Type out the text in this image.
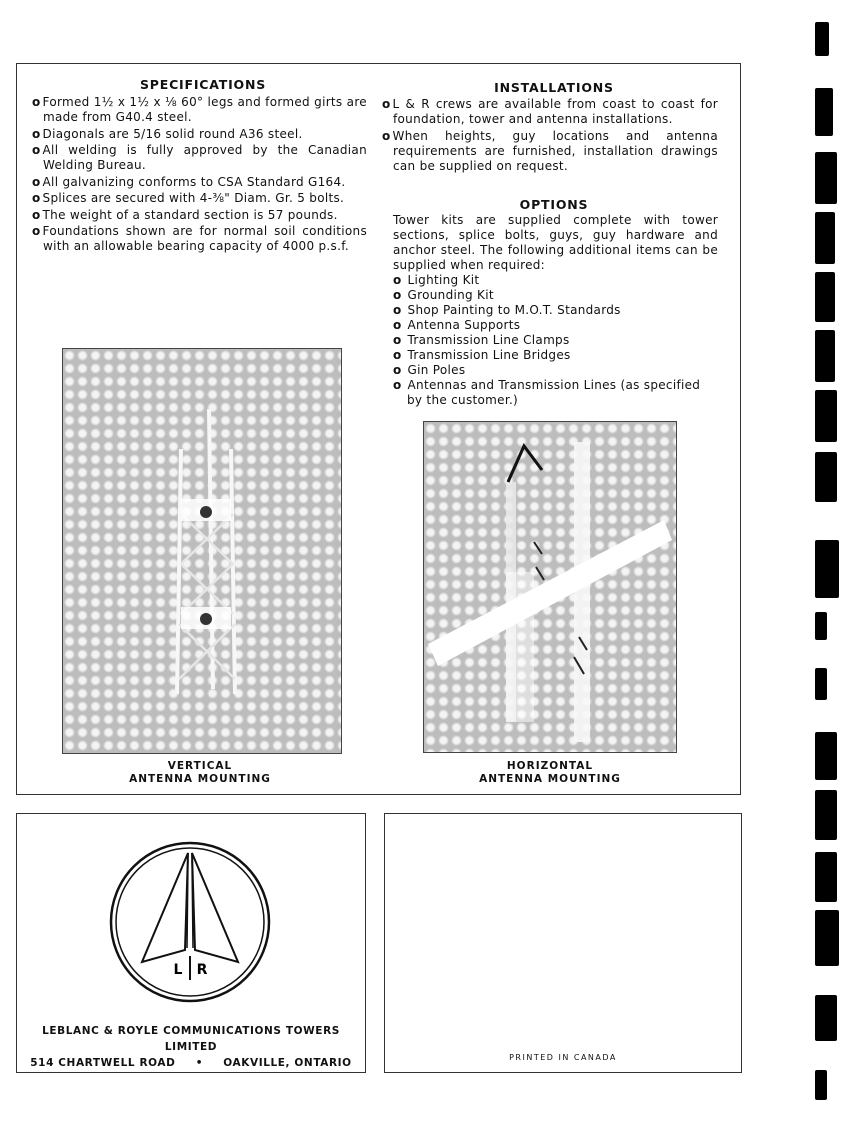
SPECIFICATIONS

o Formed 1½ x 1½ x ⅛ 60° legs and formed girts are made from G40.4 steel.

o Diagonals are 5/16 solid round A36 steel.

o All welding is fully approved by the Canadian Welding Bureau.

o All galvanizing conforms to CSA Standard G164.

o Splices are secured with 4-⅜" Diam. Gr. 5 bolts.

o The weight of a standard section is 57 pounds.

o Foundations shown are for normal soil conditions with an allowable bearing capacity of 4000 p.s.f.

INSTALLATIONS

o L & R crews are available from coast to coast for foundation, tower and antenna installations.

o When heights, guy locations and antenna requirements are furnished, installation drawings can be supplied on request.

OPTIONS

Tower kits are supplied complete with tower sections, splice bolts, guys, guy hardware and anchor steel. The following additional items can be supplied when required:

o Lighting Kit

o Grounding Kit

o Shop Painting to M.O.T. Standards

o Antenna Supports

o Transmission Line Clamps

o Transmission Line Bridges

o Gin Poles

o Antennas and Transmission Lines (as specified by the customer.)

VERTICAL
ANTENNA MOUNTING
HORIZONTAL
ANTENNA MOUNTING
L R
LEBLANC & ROYLE COMMUNICATIONS TOWERS LIMITED
514 CHARTWELL ROAD • OAKVILLE, ONTARIO	PRINTED IN CANADA
